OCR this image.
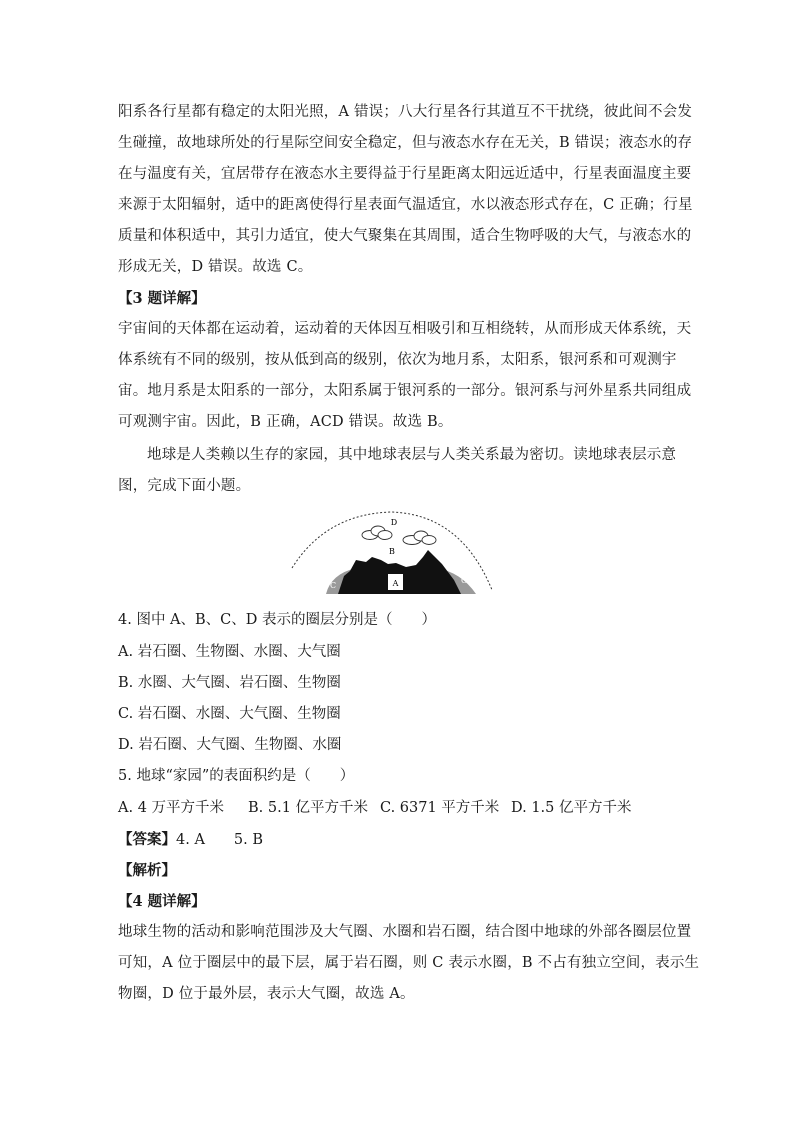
阳系各行星都有稳定的太阳光照，A 错误；八大行星各行其道互不干扰绕，彼此间不会发
生碰撞，故地球所处的行星际空间安全稳定，但与液态水存在无关，B 错误；液态水的存
在与温度有关，宜居带存在液态水主要得益于行星距离太阳远近适中，行星表面温度主要
来源于太阳辐射，适中的距离使得行星表面气温适宜，水以液态形式存在，C 正确；行星
质量和体积适中，其引力适宜，使大气聚集在其周围，适合生物呼吸的大气，与液态水的
形成无关，D 错误。故选 C。
【3 题详解】
宇宙间的天体都在运动着，运动着的天体因互相吸引和互相绕转，从而形成天体系统，天
体系统有不同的级别，按从低到高的级别，依次为地月系，太阳系，银河系和可观测宇
宙。地月系是太阳系的一部分，太阳系属于银河系的一部分。银河系与河外星系共同组成
可观测宇宙。因此，B 正确，ACD 错误。故选 B。
地球是人类赖以生存的家园，其中地球表层与人类关系最为密切。读地球表层示意
图，完成下面小题。
A
B
D
C
C
4. 图中 A、B、C、D 表示的圈层分别是（　　）
A. 岩石圈、生物圈、水圈、大气圈
B. 水圈、大气圈、岩石圈、生物圈
C. 岩石圈、水圈、大气圈、生物圈
D. 岩石圈、大气圈、生物圈、水圈
5. 地球“家园”的表面积约是（　　）
A. 4 万平方千米 B. 5.1 亿平方千米 C. 6371 平方千米 D. 1.5 亿平方千米
【答案】4. A　　5. B
【解析】
【4 题详解】
地球生物的活动和影响范围涉及大气圈、水圈和岩石圈，结合图中地球的外部各圈层位置
可知，A 位于圈层中的最下层，属于岩石圈，则 C 表示水圈，B 不占有独立空间，表示生
物圈，D 位于最外层，表示大气圈，故选 A。
